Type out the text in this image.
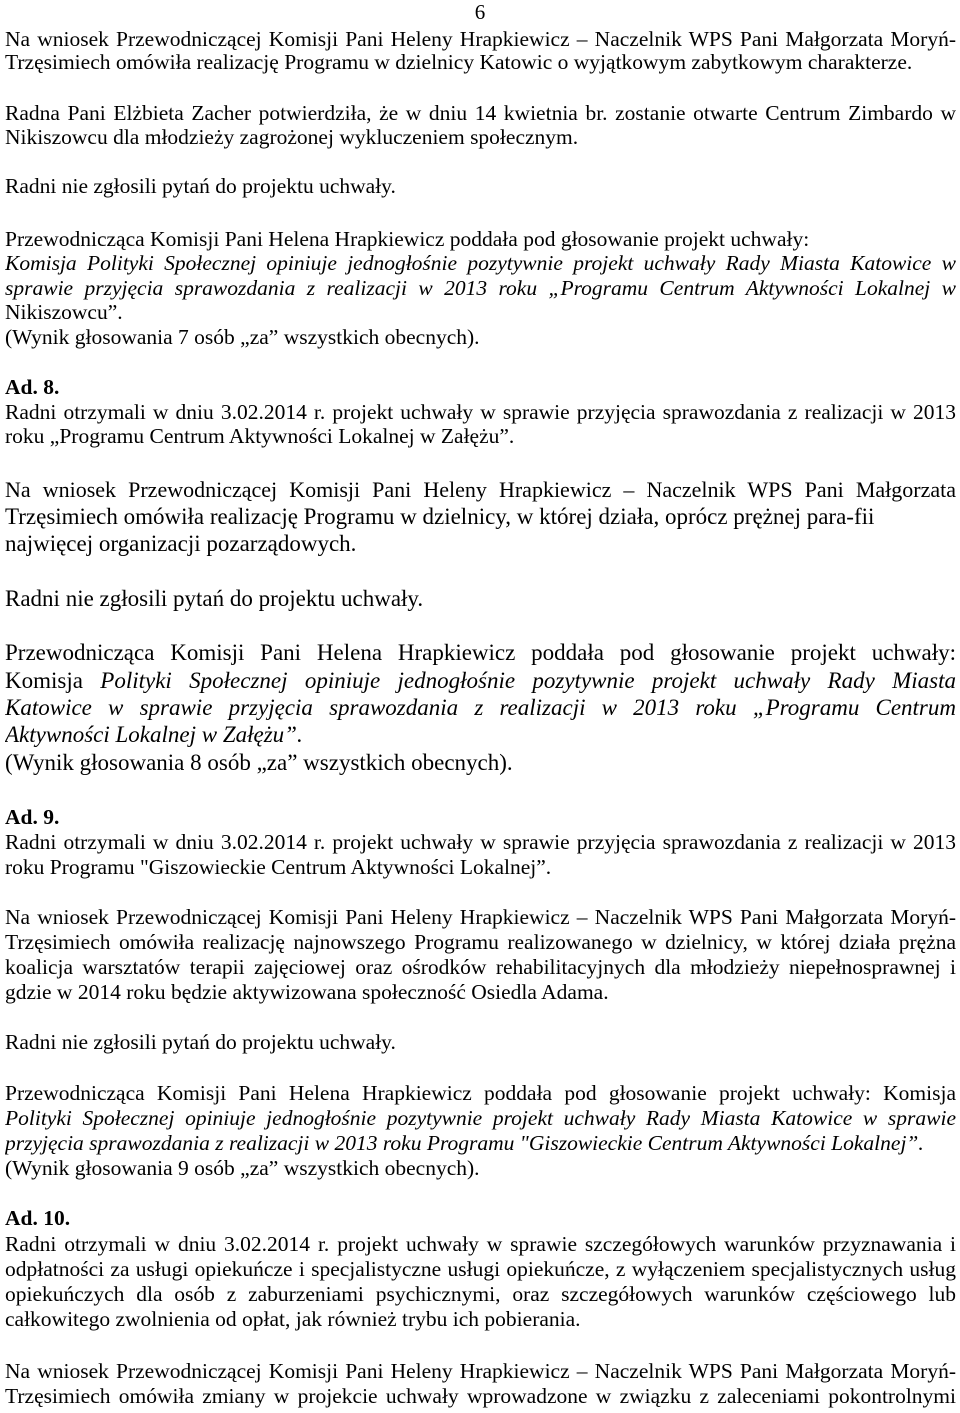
6
Na wniosek Przewodniczącej Komisji Pani Heleny Hrapkiewicz – Naczelnik WPS Pani Małgorzata Moryń-
Trzęsimiech omówiła realizację Programu w dzielnicy Katowic o wyjątkowym zabytkowym charakterze.
Radna Pani Elżbieta Zacher potwierdziła, że w dniu 14 kwietnia br. zostanie otwarte Centrum Zimbardo w
Nikiszowcu dla młodzieży zagrożonej wykluczeniem społecznym.
Radni nie zgłosili pytań do projektu uchwały.
Przewodnicząca Komisji Pani Helena Hrapkiewicz poddała pod głosowanie projekt uchwały:
Komisja Polityki Społecznej opiniuje jednogłośnie pozytywnie projekt uchwały Rady Miasta Katowice w
sprawie przyjęcia sprawozdania z realizacji w 2013 roku „Programu Centrum Aktywności Lokalnej w
Nikiszowcu”.
(Wynik głosowania 7 osób „za” wszystkich obecnych).
Ad. 8.
Radni otrzymali w dniu 3.02.2014 r. projekt uchwały w sprawie przyjęcia sprawozdania z realizacji w 2013
roku „Programu Centrum Aktywności Lokalnej w Załężu”.
Na wniosek Przewodniczącej Komisji Pani Heleny Hrapkiewicz – Naczelnik WPS Pani Małgorzata
Trzęsimiech omówiła realizację Programu w dzielnicy, w której działa, oprócz prężnej para-fii
najwięcej organizacji pozarządowych.
Radni nie zgłosili pytań do projektu uchwały.
Przewodnicząca Komisji Pani Helena Hrapkiewicz poddała pod głosowanie projekt uchwały:
Komisja Polityki Społecznej opiniuje jednogłośnie pozytywnie projekt uchwały Rady Miasta
Katowice w sprawie przyjęcia sprawozdania z realizacji w 2013 roku „Programu Centrum
Aktywności Lokalnej w Załężu”.
(Wynik głosowania 8 osób „za” wszystkich obecnych).
Ad. 9.
Radni otrzymali w dniu 3.02.2014 r. projekt uchwały w sprawie przyjęcia sprawozdania z realizacji w 2013
roku Programu "Giszowieckie Centrum Aktywności Lokalnej”.
Na wniosek Przewodniczącej Komisji Pani Heleny Hrapkiewicz – Naczelnik WPS Pani Małgorzata Moryń-
Trzęsimiech omówiła realizację najnowszego Programu realizowanego w dzielnicy, w której działa prężna
koalicja warsztatów terapii zajęciowej oraz ośrodków rehabilitacyjnych dla młodzieży niepełnosprawnej i
gdzie w 2014 roku będzie aktywizowana społeczność Osiedla Adama.
Radni nie zgłosili pytań do projektu uchwały.
Przewodnicząca Komisji Pani Helena Hrapkiewicz poddała pod głosowanie projekt uchwały: Komisja
Polityki Społecznej opiniuje jednogłośnie pozytywnie projekt uchwały Rady Miasta Katowice w sprawie
przyjęcia sprawozdania z realizacji w 2013 roku Programu "Giszowieckie Centrum Aktywności Lokalnej”.
(Wynik głosowania 9 osób „za” wszystkich obecnych).
Ad. 10.
Radni otrzymali w dniu 3.02.2014 r. projekt uchwały w sprawie szczegółowych warunków przyznawania i
odpłatności za usługi opiekuńcze i specjalistyczne usługi opiekuńcze, z wyłączeniem specjalistycznych usług
opiekuńczych dla osób z zaburzeniami psychicznymi, oraz szczegółowych warunków częściowego lub
całkowitego zwolnienia od opłat, jak również trybu ich pobierania.
Na wniosek Przewodniczącej Komisji Pani Heleny Hrapkiewicz – Naczelnik WPS Pani Małgorzata Moryń-
Trzęsimiech omówiła zmiany w projekcie uchwały wprowadzone w związku z zaleceniami pokontrolnymi
